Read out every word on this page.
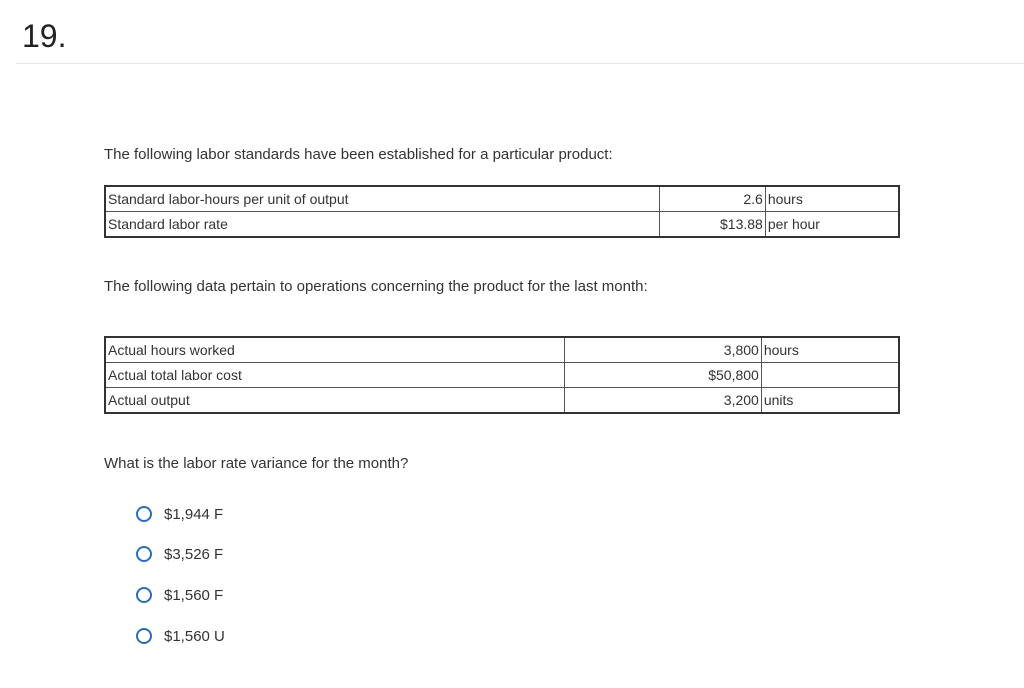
19.
The following labor standards have been established for a particular product:
Standard labor-hours per unit of output	2.6	hours
Standard labor rate	$13.88	per hour
The following data pertain to operations concerning the product for the last month:
Actual hours worked	3,800	hours
Actual total labor cost	$50,800	
Actual output	3,200	units
What is the labor rate variance for the month?
$1,944 F
$3,526 F
$1,560 F
$1,560 U
